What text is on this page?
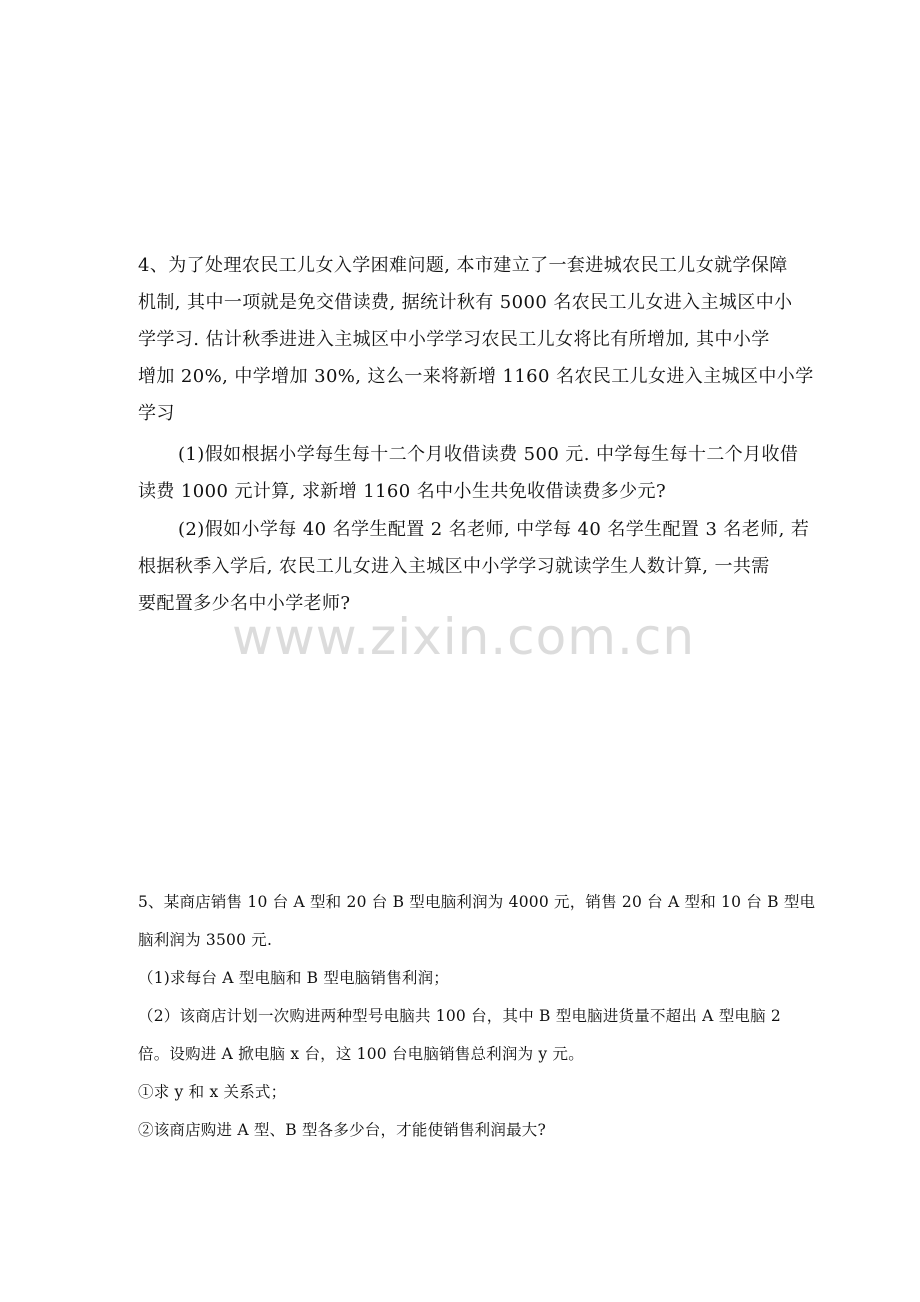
4、为了处理农民工儿女入学困难问题, 本市建立了一套进城农民工儿女就学保障
机制, 其中一项就是免交借读费, 据统计秋有 5000 名农民工儿女进入主城区中小
学学习. 估计秋季进进入主城区中小学学习农民工儿女将比有所增加, 其中小学
增加 20%, 中学增加 30%, 这么一来将新增 1160 名农民工儿女进入主城区中小学
学习
(1)假如根据小学每生每十二个月收借读费 500 元. 中学每生每十二个月收借
读费 1000 元计算, 求新增 1160 名中小生共免收借读费多少元?
(2)假如小学每 40 名学生配置 2 名老师, 中学每 40 名学生配置 3 名老师, 若
根据秋季入学后, 农民工儿女进入主城区中小学学习就读学生人数计算, 一共需
要配置多少名中小学老师?
www.zixin.com.cn
5、某商店销售 10 台 A 型和 20 台 B 型电脑利润为 4000 元，销售 20 台 A 型和 10 台 B 型电
脑利润为 3500 元.
（1)求每台 A 型电脑和 B 型电脑销售利润；
（2）该商店计划一次购进两种型号电脑共 100 台，其中 B 型电脑进货量不超出 A 型电脑 2
倍。设购进 A 掀电脑 x 台，这 100 台电脑销售总利润为 y 元。
①求 y 和 x 关系式；
②该商店购进 A 型、B 型各多少台，才能使销售利润最大?
